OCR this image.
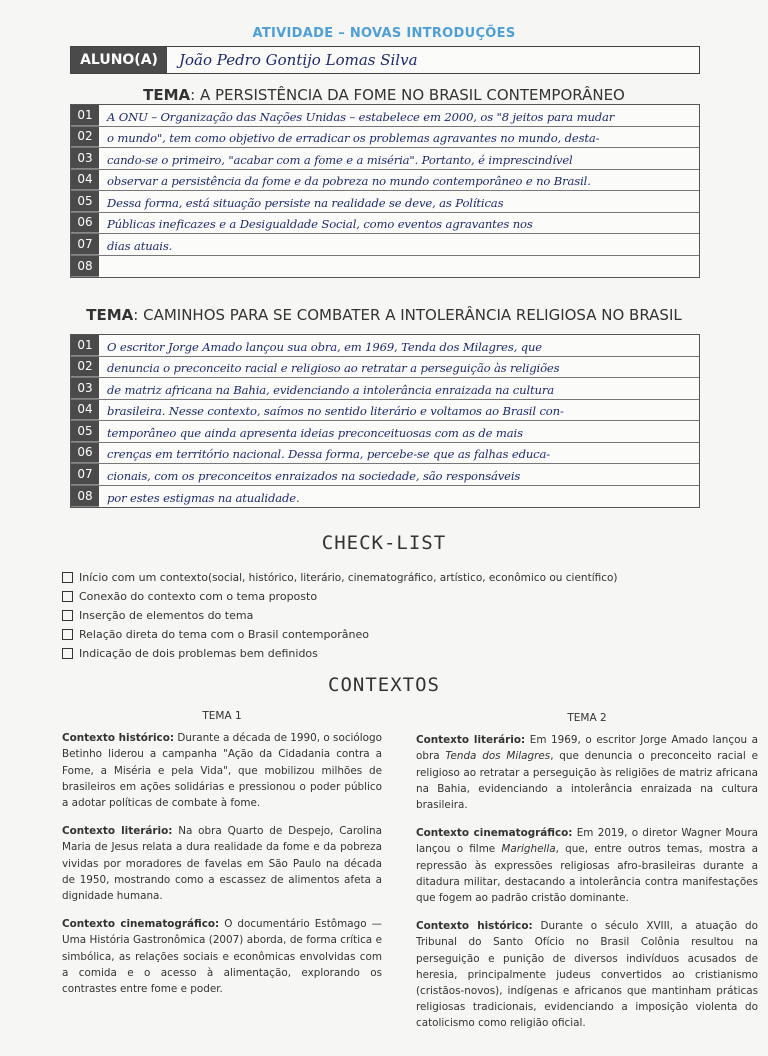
ATIVIDADE – NOVAS INTRODUÇÕES
ALUNO(A)	João Pedro Gontijo Lomas Silva
TEMA: A PERSISTÊNCIA DA FOME NO BRASIL CONTEMPORÂNEO
01	A ONU – Organização das Nações Unidas – estabelece em 2000, os "8 jeitos para mudar
02	o mundo", tem como objetivo de erradicar os problemas agravantes no mundo, desta-
03	cando-se o primeiro, "acabar com a fome e a miséria". Portanto, é imprescindível
04	observar a persistência da fome e da pobreza no mundo contemporâneo e no Brasil.
05	Dessa forma, está situação persiste na realidade se deve, as Políticas
06	Públicas ineficazes e a Desigualdade Social, como eventos agravantes nos
07	dias atuais.
08
TEMA: CAMINHOS PARA SE COMBATER A INTOLERÂNCIA RELIGIOSA NO BRASIL
01	O escritor Jorge Amado lançou sua obra, em 1969, Tenda dos Milagres, que
02	denuncia o preconceito racial e religioso ao retratar a perseguição às religiões
03	de matriz africana na Bahia, evidenciando a intolerância enraizada na cultura
04	brasileira. Nesse contexto, saímos no sentido literário e voltamos ao Brasil con-
05	temporâneo que ainda apresenta ideias preconceituosas com as de mais
06	crenças em território nacional. Dessa forma, percebe-se que as falhas educa-
07	cionais, com os preconceitos enraizados na sociedade, são responsáveis
08	por estes estigmas na atualidade.
CHECK-LIST
Início com um contexto (social, histórico, literário, cinematográfico, artístico, econômico ou científico)
Conexão do contexto com o tema proposto
Inserção de elementos do tema
Relação direta do tema com o Brasil contemporâneo
Indicação de dois problemas bem definidos
CONTEXTOS
TEMA 1

Contexto histórico: Durante a década de 1990, o sociólogo Betinho liderou a campanha "Ação da Cidadania contra a Fome, a Miséria e pela Vida", que mobilizou milhões de brasileiros em ações solidárias e pressionou o poder público a adotar políticas de combate à fome.

Contexto literário: Na obra Quarto de Despejo, Carolina Maria de Jesus relata a dura realidade da fome e da pobreza vividas por moradores de favelas em São Paulo na década de 1950, mostrando como a escassez de alimentos afeta a dignidade humana.

Contexto cinematográfico: O documentário Estômago — Uma História Gastronômica (2007) aborda, de forma crítica e simbólica, as relações sociais e econômicas envolvidas com a comida e o acesso à alimentação, explorando os contrastes entre fome e poder.

TEMA 2

Contexto literário: Em 1969, o escritor Jorge Amado lançou a obra Tenda dos Milagres, que denuncia o preconceito racial e religioso ao retratar a perseguição às religiões de matriz africana na Bahia, evidenciando a intolerância enraizada na cultura brasileira.

Contexto cinematográfico: Em 2019, o diretor Wagner Moura lançou o filme Marighella, que, entre outros temas, mostra a repressão às expressões religiosas afro-brasileiras durante a ditadura militar, destacando a intolerância contra manifestações que fogem ao padrão cristão dominante.

Contexto histórico: Durante o século XVIII, a atuação do Tribunal do Santo Ofício no Brasil Colônia resultou na perseguição e punição de diversos indivíduos acusados de heresia, principalmente judeus convertidos ao cristianismo (cristãos-novos), indígenas e africanos que mantinham práticas religiosas tradicionais, evidenciando a imposição violenta do catolicismo como religião oficial.
